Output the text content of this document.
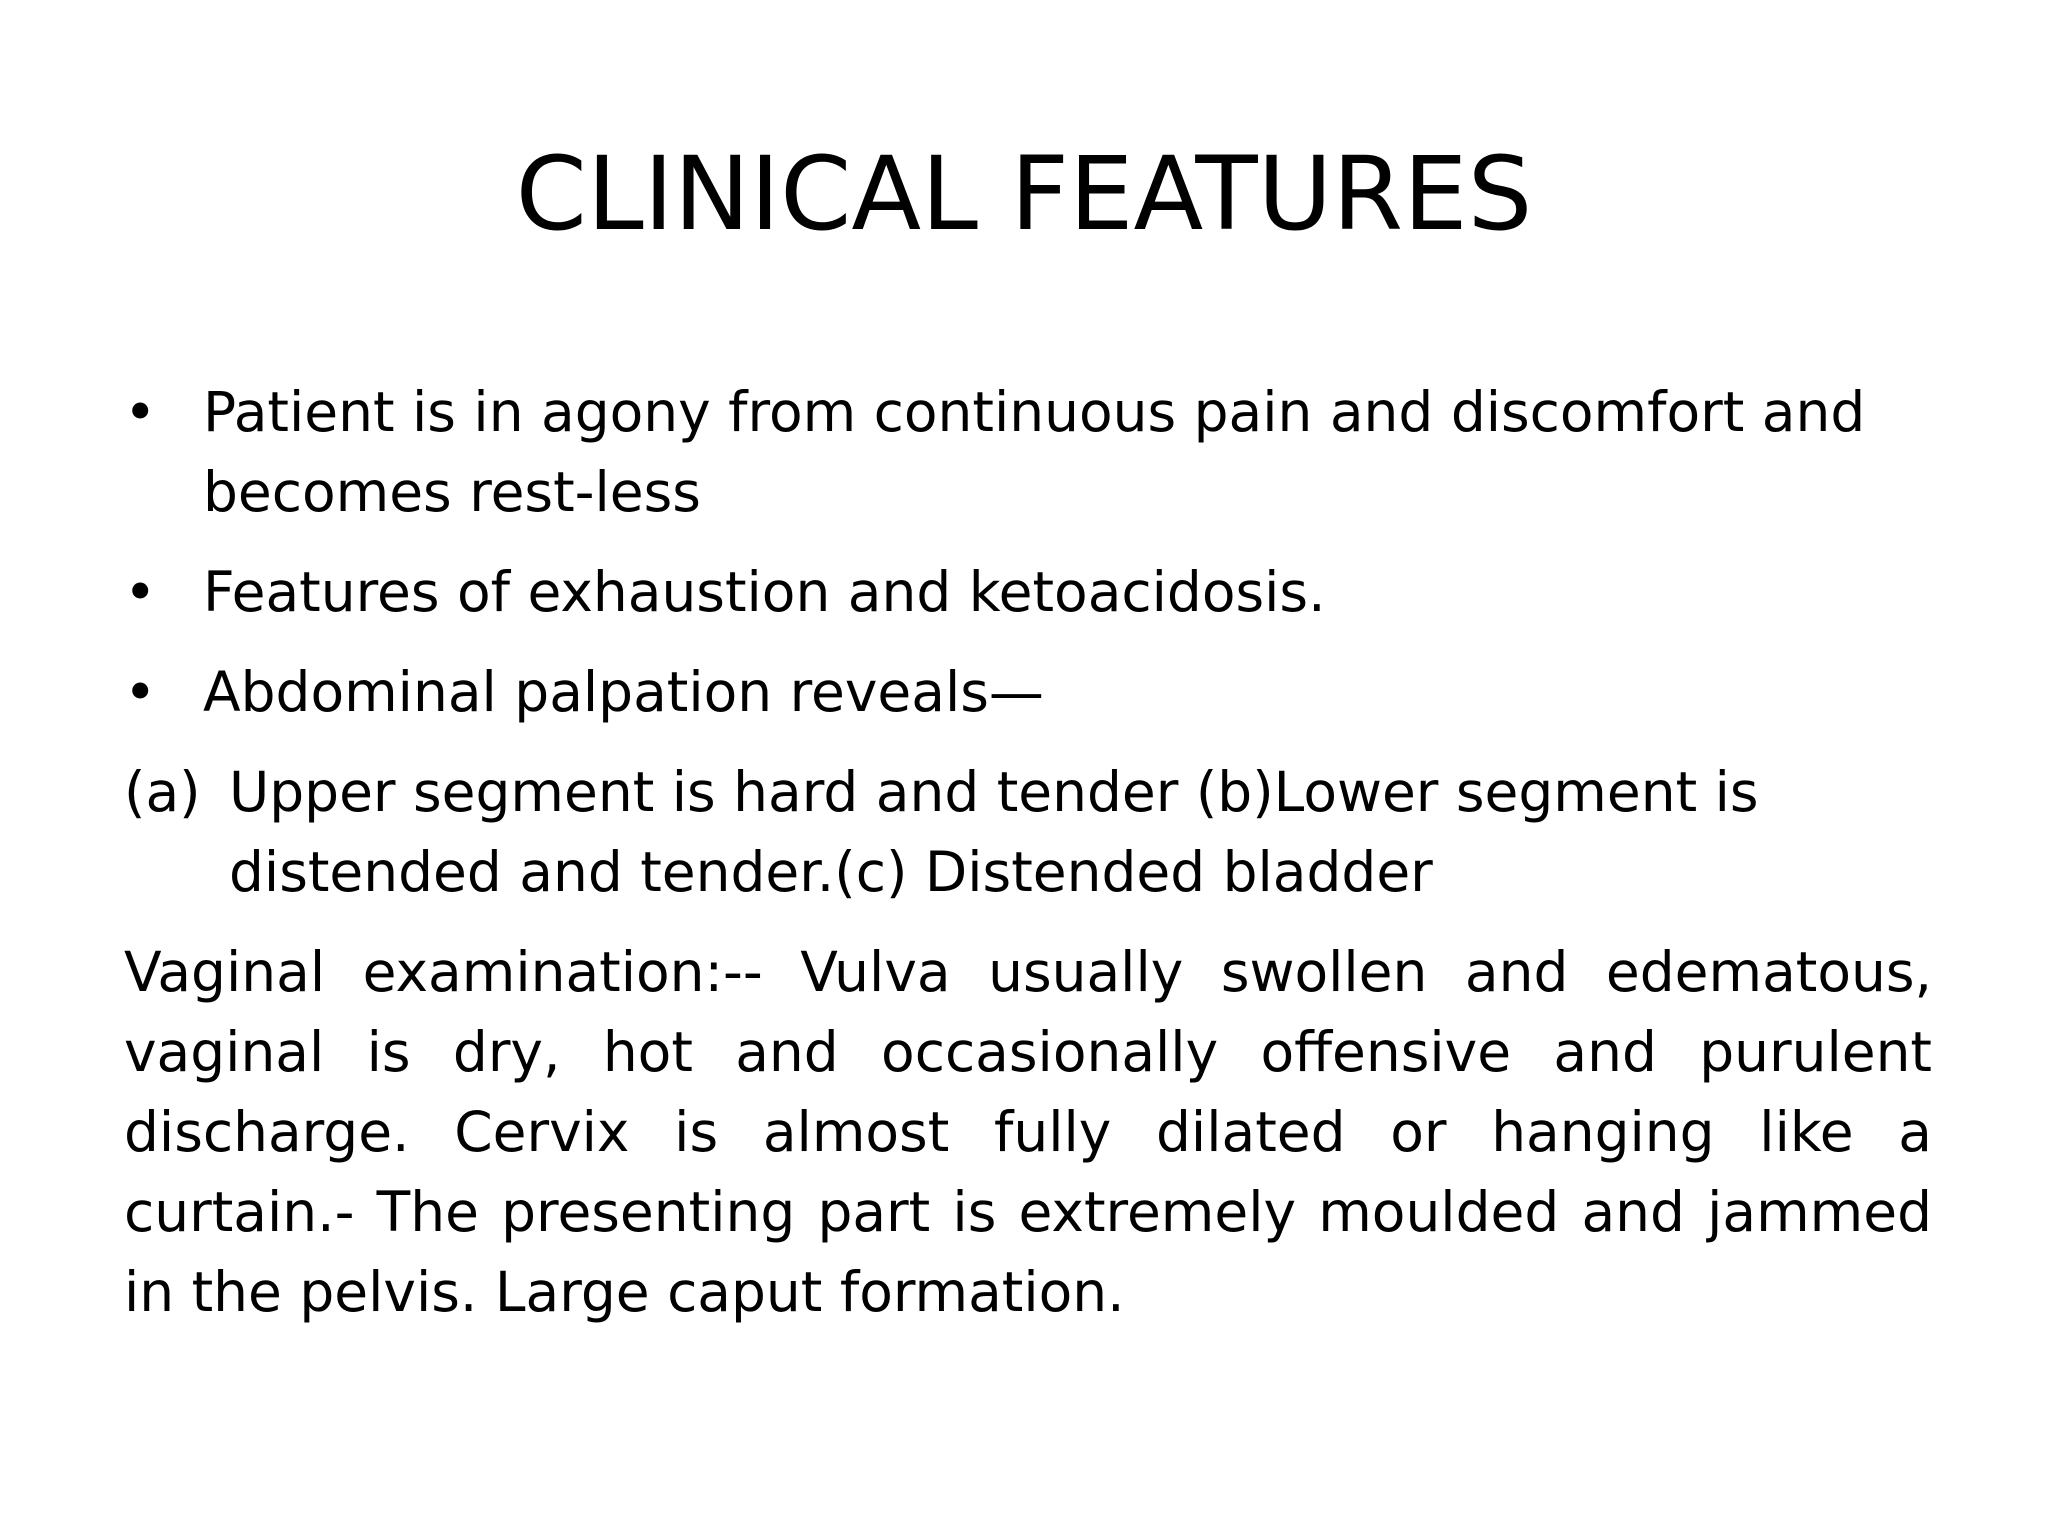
CLINICAL FEATURES
•
Patient is in agony from continuous pain and discomfort and becomes rest-less
•
Features of exhaustion and ketoacidosis.
•
Abdominal palpation reveals—
(a) Upper segment is hard and tender (b)Lower segment is distended and tender.(c) Distended bladder

Vaginal examination:-- Vulva usually swollen and edematous, vaginal is dry, hot and occasionally offensive and purulent discharge. Cervix is almost fully dilated or hanging like a curtain.- The presenting part is extremely moulded and jammed in the pelvis. Large caput formation.
